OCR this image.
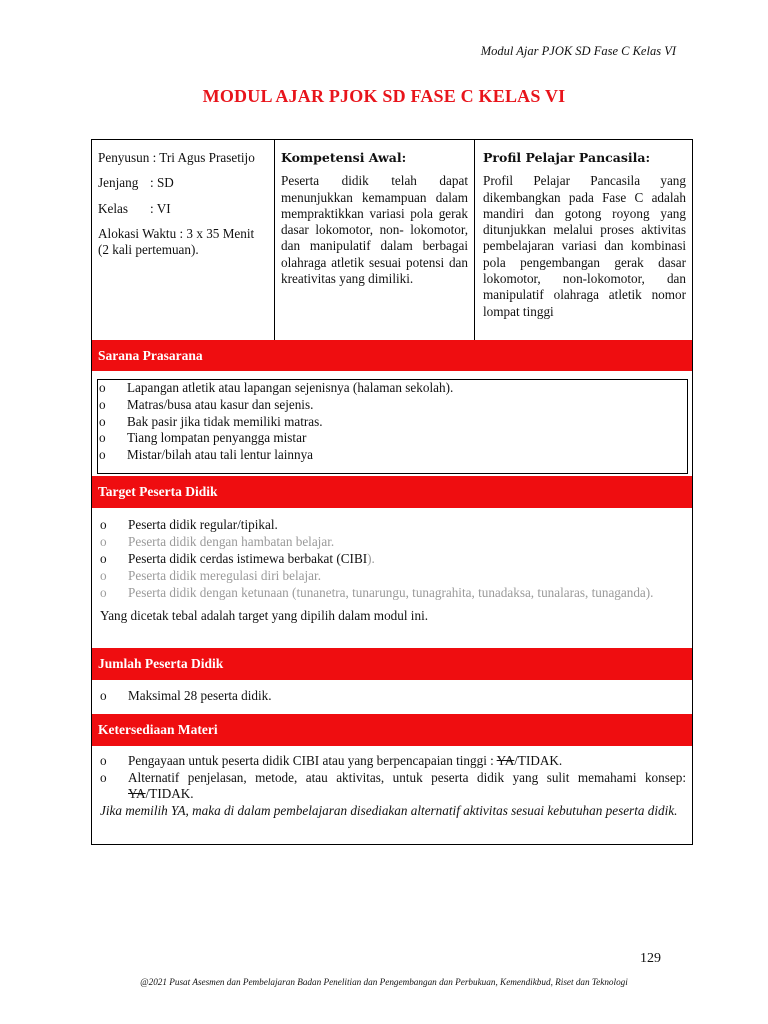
Modul Ajar PJOK SD Fase C Kelas VI
MODUL AJAR PJOK SD FASE C KELAS VI

Penyusun : Tri Agus Prasetijo

Jenjang : SD

Kelas	: VI

Alokasi Waktu : 3 x 35 Menit (2 kali pertemuan).

Kompetensi Awal:

Peserta didik telah dapat menunjukkan kemampuan dalam mempraktikkan variasi pola gerak dasar lokomotor, non- lokomotor, dan manipulatif dalam berbagai olahraga atletik sesuai potensi dan kreativitas yang dimiliki.

Profil Pelajar Pancasila:

Profil Pelajar Pancasila yang dikembangkan pada Fase C adalah mandiri dan gotong royong yang ditunjukkan melalui proses aktivitas pembelajaran variasi dan kombinasi pola pengembangan gerak dasar lokomotor, non-lokomotor, dan manipulatif olahraga atletik nomor lompat tinggi

Sarana Prasarana
o Lapangan atletik atau lapangan sejenisnya (halaman sekolah).
o Matras/busa atau kasur dan sejenis.
o Bak pasir jika tidak memiliki matras.
o Tiang lompatan penyangga mistar
o Mistar/bilah atau tali lentur lainnya
Target Peserta Didik
o Peserta didik regular/tipikal.
o Peserta didik dengan hambatan belajar.
o Peserta didik cerdas istimewa berbakat (CIBI).
o Peserta didik meregulasi diri belajar.
o Peserta didik dengan ketunaan (tunanetra, tunarungu, tunagrahita, tunadaksa, tunalaras, tunaganda).

Yang dicetak tebal adalah target yang dipilih dalam modul ini.

Jumlah Peserta Didik
o Maksimal 28 peserta didik.
Ketersediaan Materi
o Pengayaan untuk peserta didik CIBI atau yang berpencapaian tinggi : YA/TIDAK.
o Alternatif penjelasan, metode, atau aktivitas, untuk peserta didik yang sulit memahami konsep: YA/TIDAK.

Jika memilih YA, maka di dalam pembelajaran disediakan alternatif aktivitas sesuai kebutuhan peserta didik.

129
@2021 Pusat Asesmen dan Pembelajaran Badan Penelitian dan Pengembangan dan Perbukuan, Kemendikbud, Riset dan Teknologi
